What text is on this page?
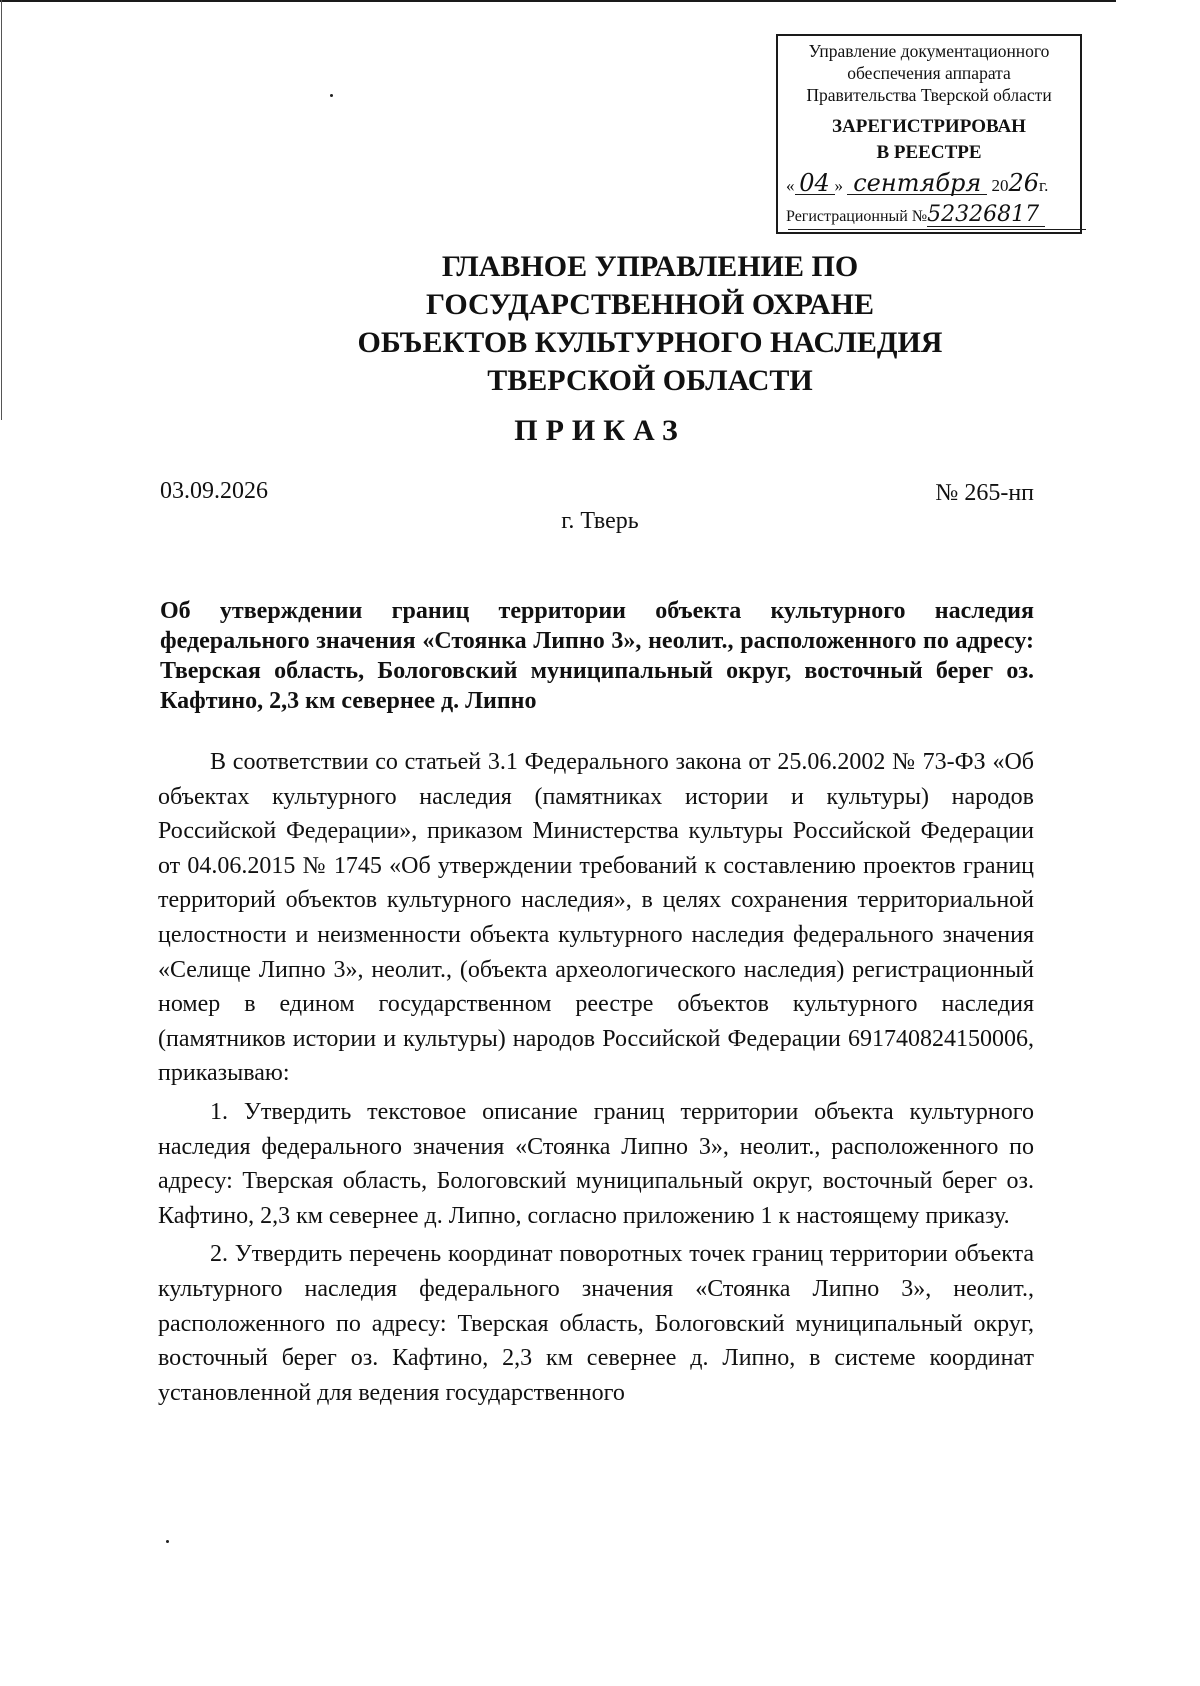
Управление документационного
обеспечения аппарата
Правительства Тверской области
ЗАРЕГИСТРИРОВАН
В РЕЕСТРЕ
« 04 » сентября 2026г.
Регистрационный №52326817
ГЛАВНОЕ УПРАВЛЕНИЕ ПО
ГОСУДАРСТВЕННОЙ ОХРАНЕ
ОБЪЕКТОВ КУЛЬТУРНОГО НАСЛЕДИЯ
ТВЕРСКОЙ ОБЛАСТИ
ПРИКАЗ
03.09.2026	№ 265-нп
г. Тверь
Об утверждении границ территории объекта культурного наследия федерального значения «Стоянка Липно 3», неолит., расположенного по адресу: Тверская область, Бологовский муниципальный округ, восточный берег оз. Кафтино, 2,3 км севернее д. Липно

В соответствии со статьей 3.1 Федерального закона от 25.06.2002 № 73-ФЗ «Об объектах культурного наследия (памятниках истории и культуры) народов Российской Федерации», приказом Министерства культуры Российской Федерации от 04.06.2015 № 1745 «Об утверждении требований к составлению проектов границ территорий объектов культурного наследия», в целях сохранения территориальной целостности и неизменности объекта культурного наследия федерального значения «Селище Липно 3», неолит., (объекта археологического наследия) регистрационный номер в едином государственном реестре объектов культурного наследия (памятников истории и культуры) народов Российской Федерации 691740824150006, приказываю:

1. Утвердить текстовое описание границ территории объекта культурного наследия федерального значения «Стоянка Липно 3», неолит., расположенного по адресу: Тверская область, Бологовский муниципальный округ, восточный берег оз. Кафтино, 2,3 км севернее д. Липно, согласно приложению 1 к настоящему приказу.

2. Утвердить перечень координат поворотных точек границ территории объекта культурного наследия федерального значения «Стоянка Липно 3», неолит., расположенного по адресу: Тверская область, Бологовский муниципальный округ, восточный берег оз. Кафтино, 2,3 км севернее д. Липно, в системе координат установленной для ведения государственного
